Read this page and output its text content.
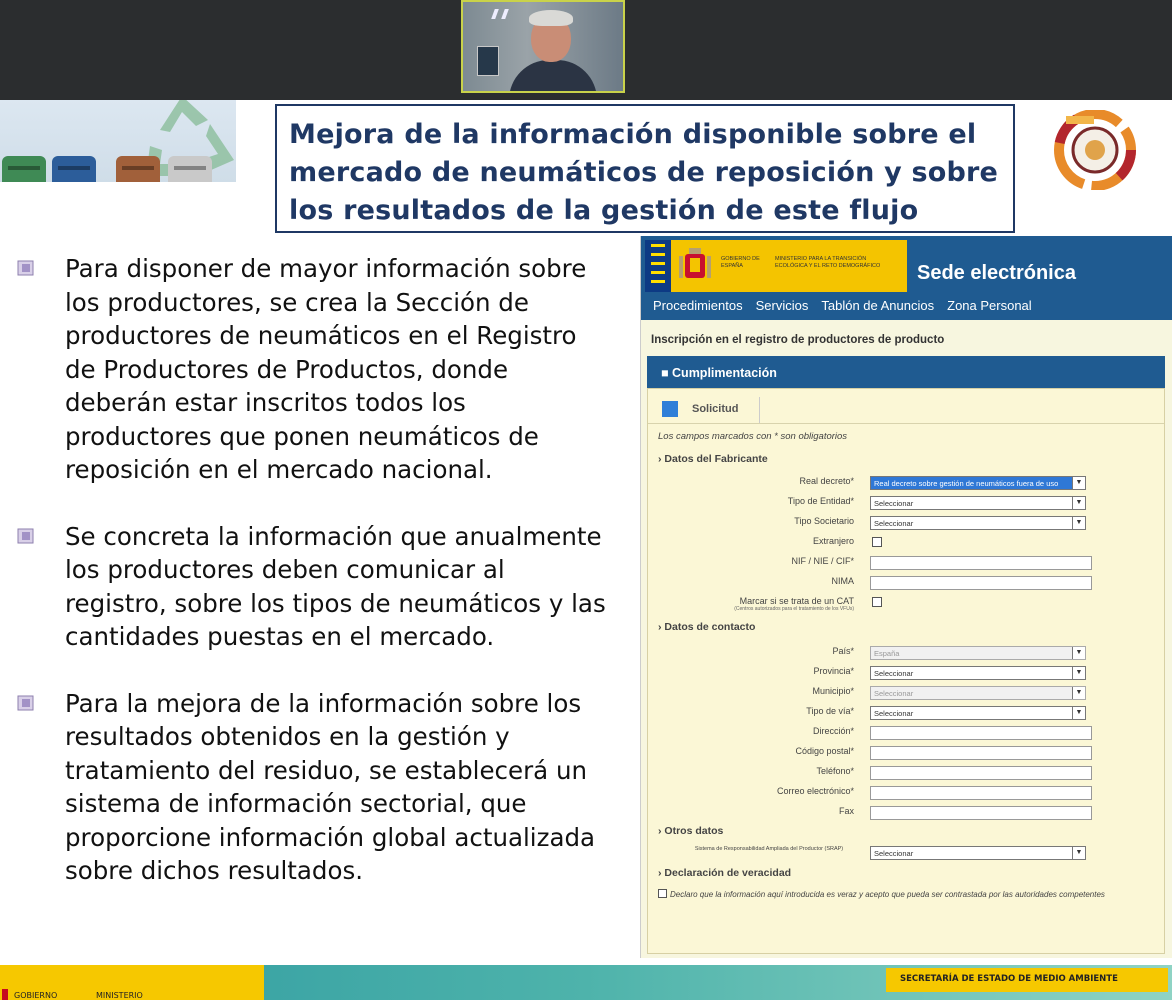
Mejora de la información disponible sobre el mercado de neumáticos de reposición y sobre los resultados de la gestión de este flujo

Para disponer de mayor información sobre los productores, se crea la Sección de productores de neumáticos en el Registro de Productores de Productos, donde deberán estar inscritos todos los productores que ponen neumáticos de reposición en el mercado nacional.

Se concreta la información que anualmente los productores deben comunicar al registro, sobre los tipos de neumáticos y las cantidades puestas en el mercado.

Para la mejora de la información sobre los resultados obtenidos en la gestión y tratamiento del residuo, se establecerá un sistema de información sectorial, que proporcione información global actualizada sobre dichos resultados.

GOBIERNO DE ESPAÑA
MINISTERIO PARA LA TRANSICIÓN ECOLÓGICA Y EL RETO DEMOGRÁFICO Sede electrónica
Procedimientos Servicios Tablón de Anuncios Zona Personal
Inscripción en el registro de productores de producto
■ Cumplimentación
Solicitud
Los campos marcados con * son obligatorios
› Datos del Fabricante
Real decreto*	Real decreto sobre gestión de neumáticos fuera de uso	▼
Tipo de Entidad*	Seleccionar	▼
Tipo Societario	Seleccionar	▼
Extranjero
NIF / NIE / CIF*
NIMA
Marcar si se trata de un CAT
(Centros autorizados para el tratamiento de los VFUs)
› Datos de contacto
País*	España	▼
Provincia*	Seleccionar	▼
Municipio*	Seleccionar	▼
Tipo de vía*	Seleccionar	▼
Dirección*
Código postal*
Teléfono*
Correo electrónico*
Fax
› Otros datos
Sistema de Responsabilidad Ampliada del Productor (SRAP)	Seleccionar	▼
› Declaración de veracidad
Declaro que la información aquí introducida es veraz y acepto que pueda ser contrastada por las autoridades competentes
GOBIERNO	MINISTERIO
SECRETARÍA DE ESTADO DE MEDIO AMBIENTE
